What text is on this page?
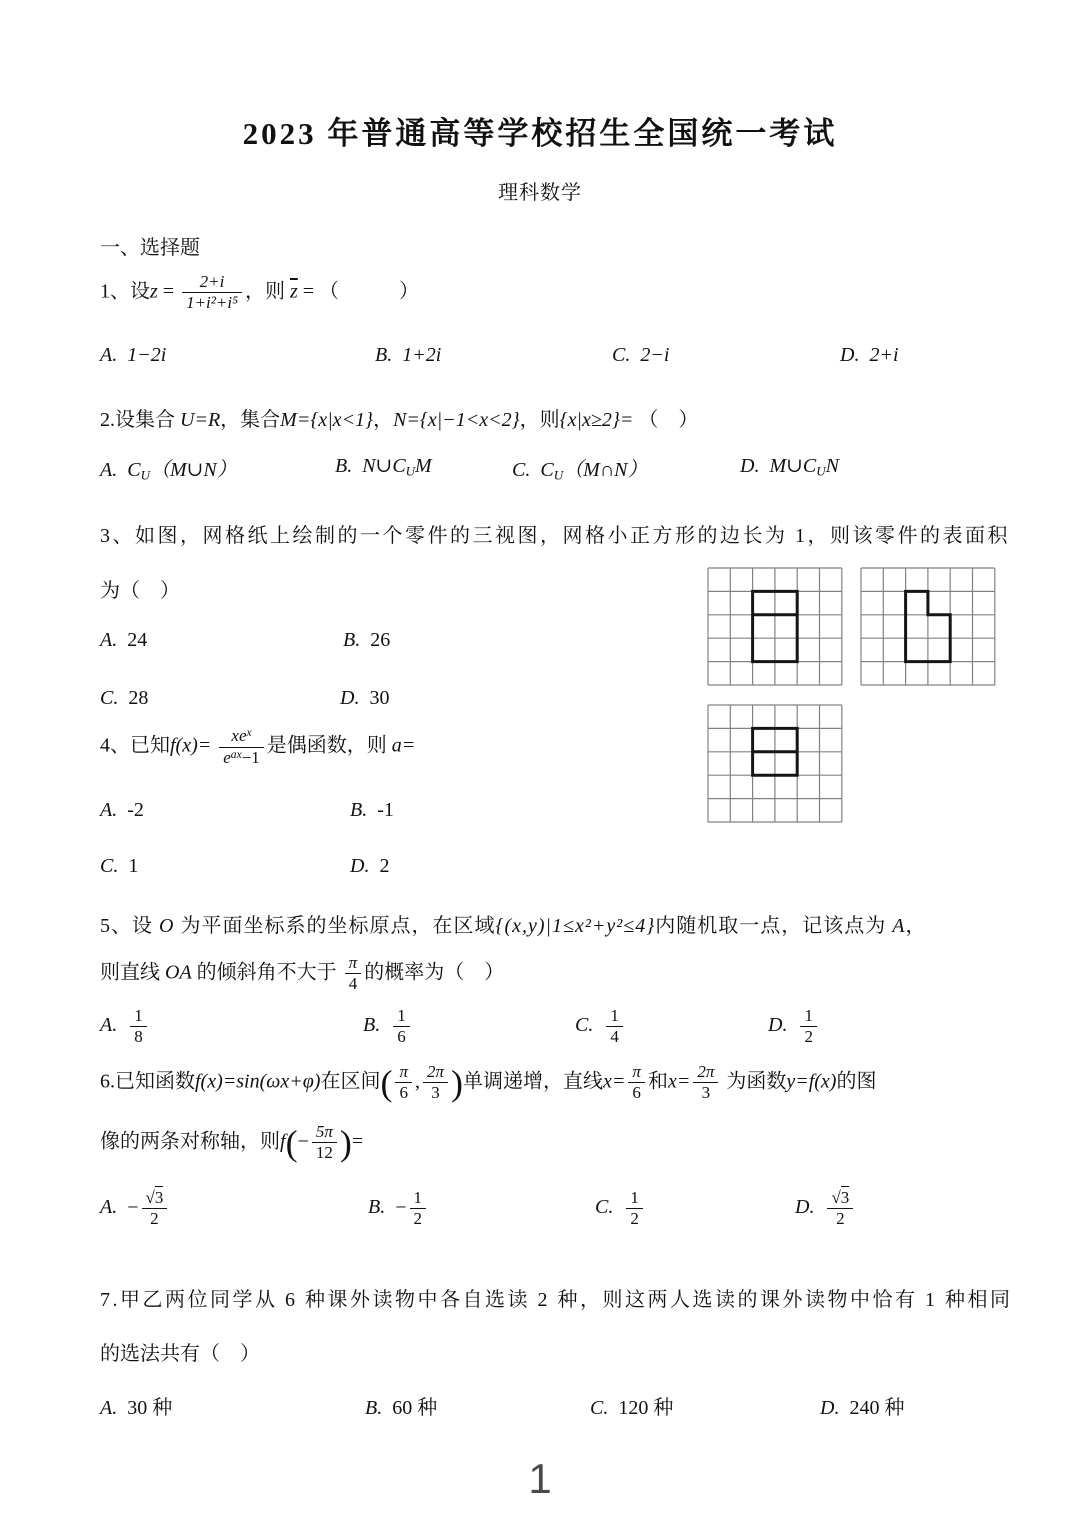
2023 年普通高等学校招生全国统一考试
理科数学
一、选择题
1、设$z = \frac{2+i}{\text{1+i²+i⁵}}$ ，则 $\overline{z}$ = （　　　）
A. 1−2i	B. 1+2i	C. 2−i	D. 2+i
2.设集合 U=R，集合M={x|x<1}，N={x|−1<x<2}，则{x|x≥2}= （　）
A. $C_U(M\cup N)$	B. $N\cup C_UM$	C. $C_U(M\cap N)$	D. $M\cup C_UN$
3、如图，网格纸上绘制的一个零件的三视图，网格小正方形的边长为 1，则该零件的表面积
为（　）
A. 24	B. 26
C. 28	D. 30
4、已知$f(x)= \frac{xe^x}{e^{ax}-1}$ 是偶函数，则 a=
A. -2	B. -1
C. 1	D. 2
5、设 O 为平面坐标系的坐标原点，在区域{(x,y)|1≤x²+y²≤4}内随机取一点，记该点为 A，
则直线 OA 的倾斜角不大于 $\frac{\pi}{4}$ 的概率为（　）
A. $\frac{1}{8}$	B. $\frac{1}{6}$	C. $\frac{1}{4}$	D. $\frac{1}{2}$
6.已知函数f(x)=sin(ωx+φ)在区间( $\frac{\pi}{6}$ , $\frac{2\pi}{3}$ )单调递增，直线$x= \frac{\pi}{6}$ 和$x= \frac{2\pi}{3}$ 为函数y=f(x)的图
像的两条对称轴，则$f(- \frac{5\pi}{12}$ )=
A. − $\frac{√3}{2}$	B. − $\frac{1}{2}$	C. $\frac{1}{2}$	D. $\frac{√3}{2}$
7.甲乙两位同学从 6 种课外读物中各自选读 2 种，则这两人选读的课外读物中恰有 1 种相同
的选法共有（　）
A. 30 种	B. 60 种	C. 120 种	D. 240 种
1
